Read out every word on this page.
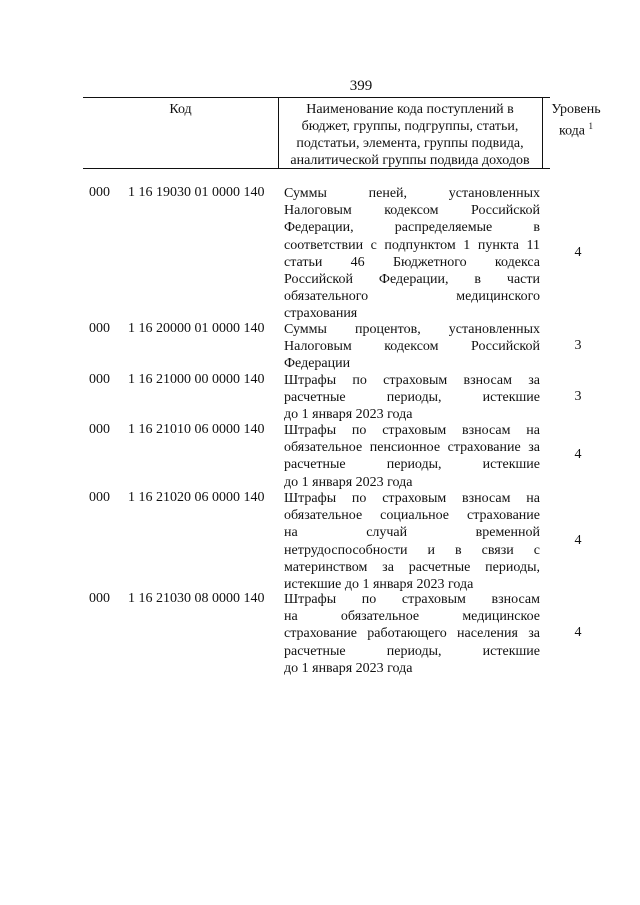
399
Код	Наименование кода поступлений в
бюджет, группы, подгруппы, статьи,
подстатьи, элемента, группы подвида,
аналитической группы подвида доходов
Уровень
кода $^1$
000 1 16 19030 01 0000 140 Суммы пеней, установленных
Налоговым кодексом Российской
Федерации, распределяемые в
соответствии с подпунктом 1 пункта 11
статьи 46 Бюджетного кодекса
Российской Федерации, в части
обязательного медицинского
страхования
4
000 1 16 20000 01 0000 140 Суммы процентов, установленных
Налоговым кодексом Российской
Федерации
3
000 1 16 21000 00 0000 140 Штрафы по страховым взносам за
расчетные периоды, истекшие
до 1 января 2023 года
3
000 1 16 21010 06 0000 140 Штрафы по страховым взносам на
обязательное пенсионное страхование за
расчетные периоды, истекшие
до 1 января 2023 года
4
000 1 16 21020 06 0000 140 Штрафы по страховым взносам на
обязательное социальное страхование
на случай временной
нетрудоспособности и в связи с
материнством за расчетные периоды,
истекшие до 1 января 2023 года
4
000 1 16 21030 08 0000 140 Штрафы по страховым взносам
на обязательное медицинское
страхование работающего населения за
расчетные периоды, истекшие
до 1 января 2023 года
4
